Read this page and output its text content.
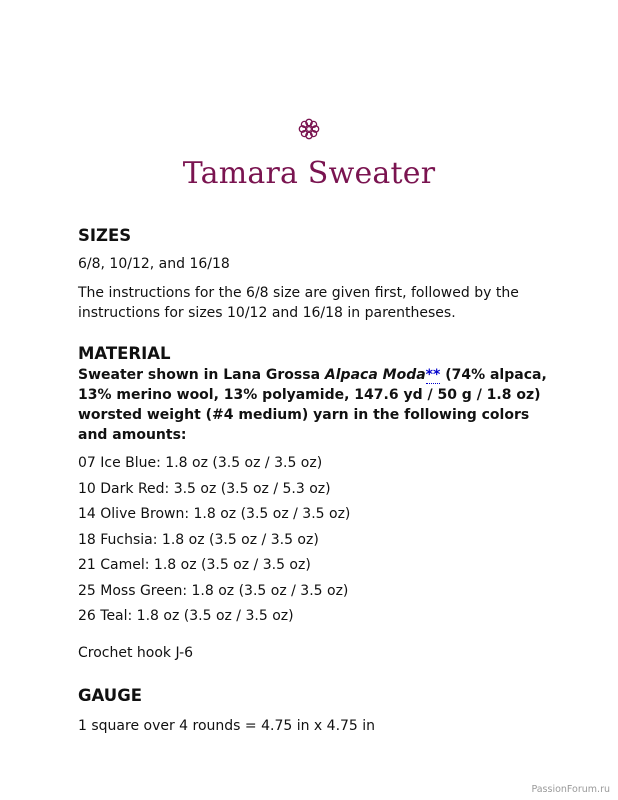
Tamara Sweater
SIZES

6/8, 10/12, and 16/18

The instructions for the 6/8 size are given first, followed by the instructions for sizes 10/12 and 16/18 in parentheses.

MATERIAL

Sweater shown in Lana Grossa Alpaca Moda** (74% alpaca, 13% merino wool, 13% polyamide, 147.6 yd / 50 g / 1.8 oz) worsted weight (#4 medium) yarn in the following colors and amounts:

07 Ice Blue: 1.8 oz (3.5 oz / 3.5 oz)
10 Dark Red: 3.5 oz (3.5 oz / 5.3 oz)
14 Olive Brown: 1.8 oz (3.5 oz / 3.5 oz)
18 Fuchsia: 1.8 oz (3.5 oz / 3.5 oz)
21 Camel: 1.8 oz (3.5 oz / 3.5 oz)
25 Moss Green: 1.8 oz (3.5 oz / 3.5 oz)
26 Teal: 1.8 oz (3.5 oz / 3.5 oz)

Crochet hook J-6

GAUGE

1 square over 4 rounds = 4.75 in x 4.75 in

PassionForum.ru
